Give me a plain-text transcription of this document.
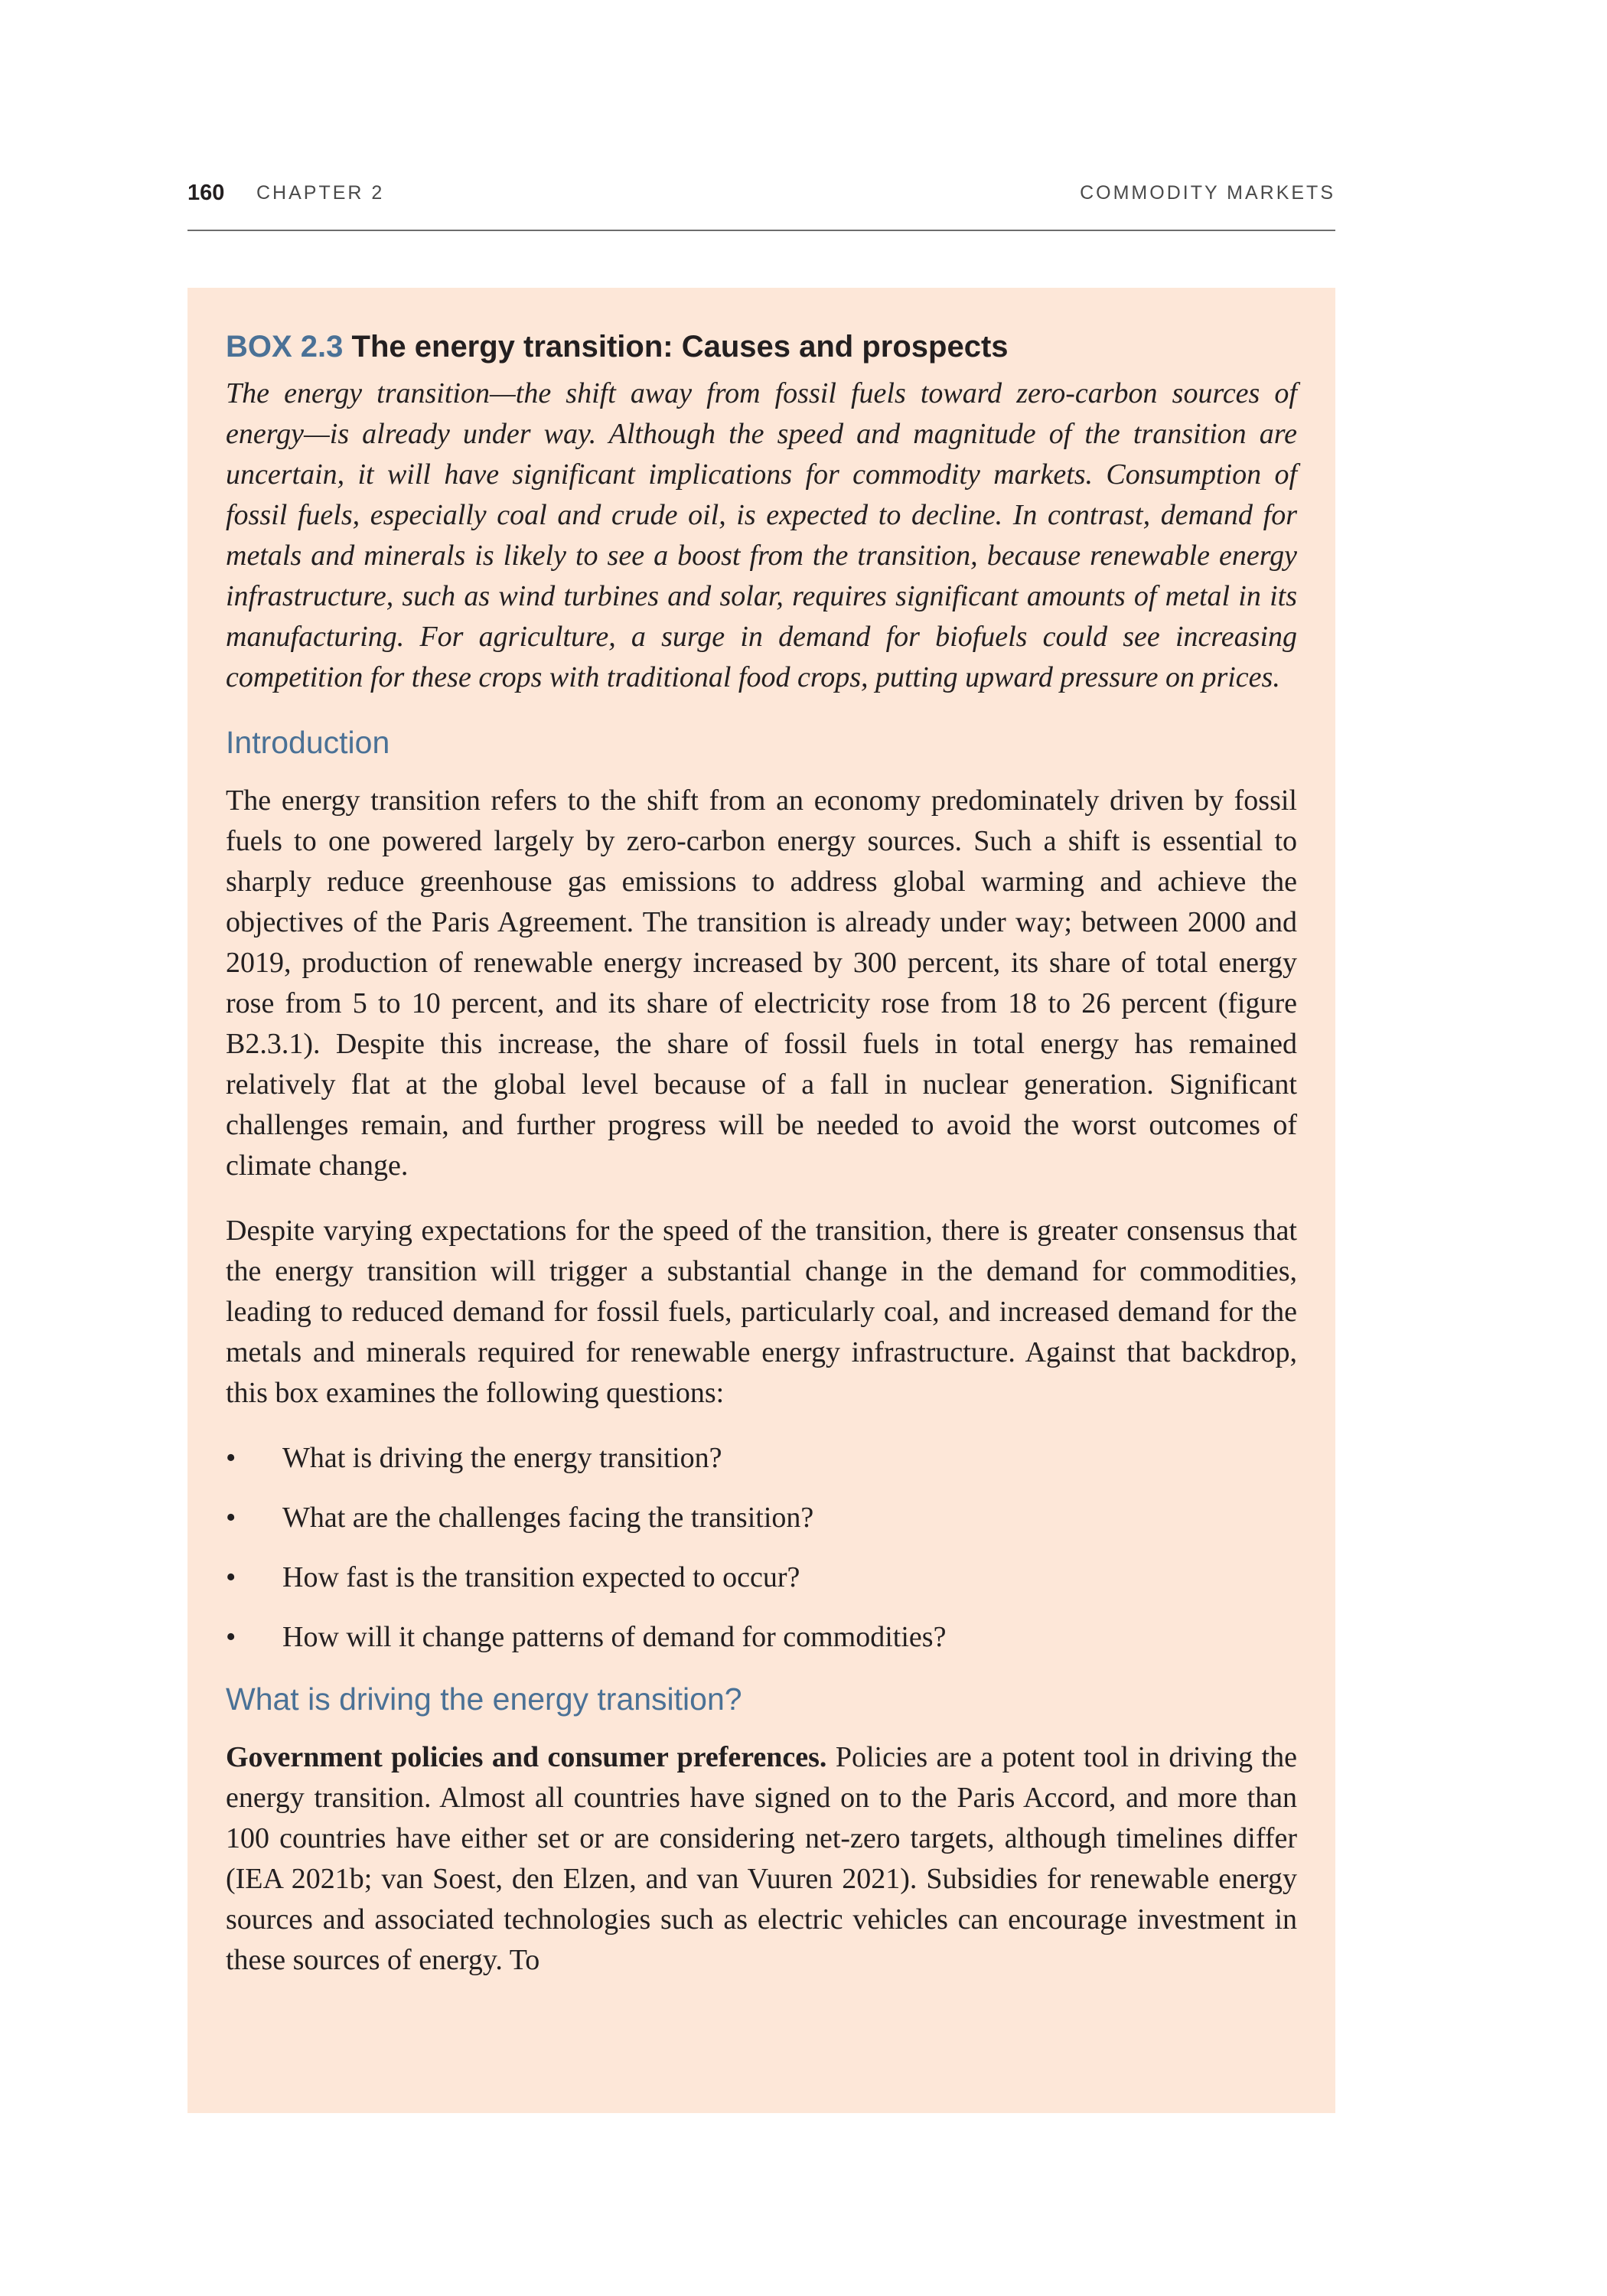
160 CHAPTER 2	COMMODITY MARKETS
BOX 2.3 The energy transition: Causes and prospects

The energy transition—the shift away from fossil fuels toward zero-carbon sources of energy—is already under way. Although the speed and magnitude of the transition are uncertain, it will have significant implications for commodity markets. Consumption of fossil fuels, especially coal and crude oil, is expected to decline. In contrast, demand for metals and minerals is likely to see a boost from the transition, because renewable energy infrastructure, such as wind turbines and solar, requires significant amounts of metal in its manufacturing. For agriculture, a surge in demand for biofuels could see increasing competition for these crops with traditional food crops, putting upward pressure on prices.

Introduction

The energy transition refers to the shift from an economy predominately driven by fossil fuels to one powered largely by zero-carbon energy sources. Such a shift is essential to sharply reduce greenhouse gas emissions to address global warming and achieve the objectives of the Paris Agreement. The transition is already under way; between 2000 and 2019, production of renewable energy increased by 300 percent, its share of total energy rose from 5 to 10 percent, and its share of electricity rose from 18 to 26 percent (figure B2.3.1). Despite this increase, the share of fossil fuels in total energy has remained relatively flat at the global level because of a fall in nuclear generation. Significant challenges remain, and further progress will be needed to avoid the worst outcomes of climate change.

Despite varying expectations for the speed of the transition, there is greater consensus that the energy transition will trigger a substantial change in the demand for commodities, leading to reduced demand for fossil fuels, particularly coal, and increased demand for the metals and minerals required for renewable energy infrastructure. Against that backdrop, this box examines the following questions:

•	What is driving the energy transition?
•	What are the challenges facing the transition?
•	How fast is the transition expected to occur?
•	How will it change patterns of demand for commodities?
What is driving the energy transition?

Government policies and consumer preferences. Policies are a potent tool in driving the energy transition. Almost all countries have signed on to the Paris Accord, and more than 100 countries have either set or are considering net-zero targets, although timelines differ (IEA 2021b; van Soest, den Elzen, and van Vuuren 2021). Subsidies for renewable energy sources and associated technologies such as electric vehicles can encourage investment in these sources of energy. To
